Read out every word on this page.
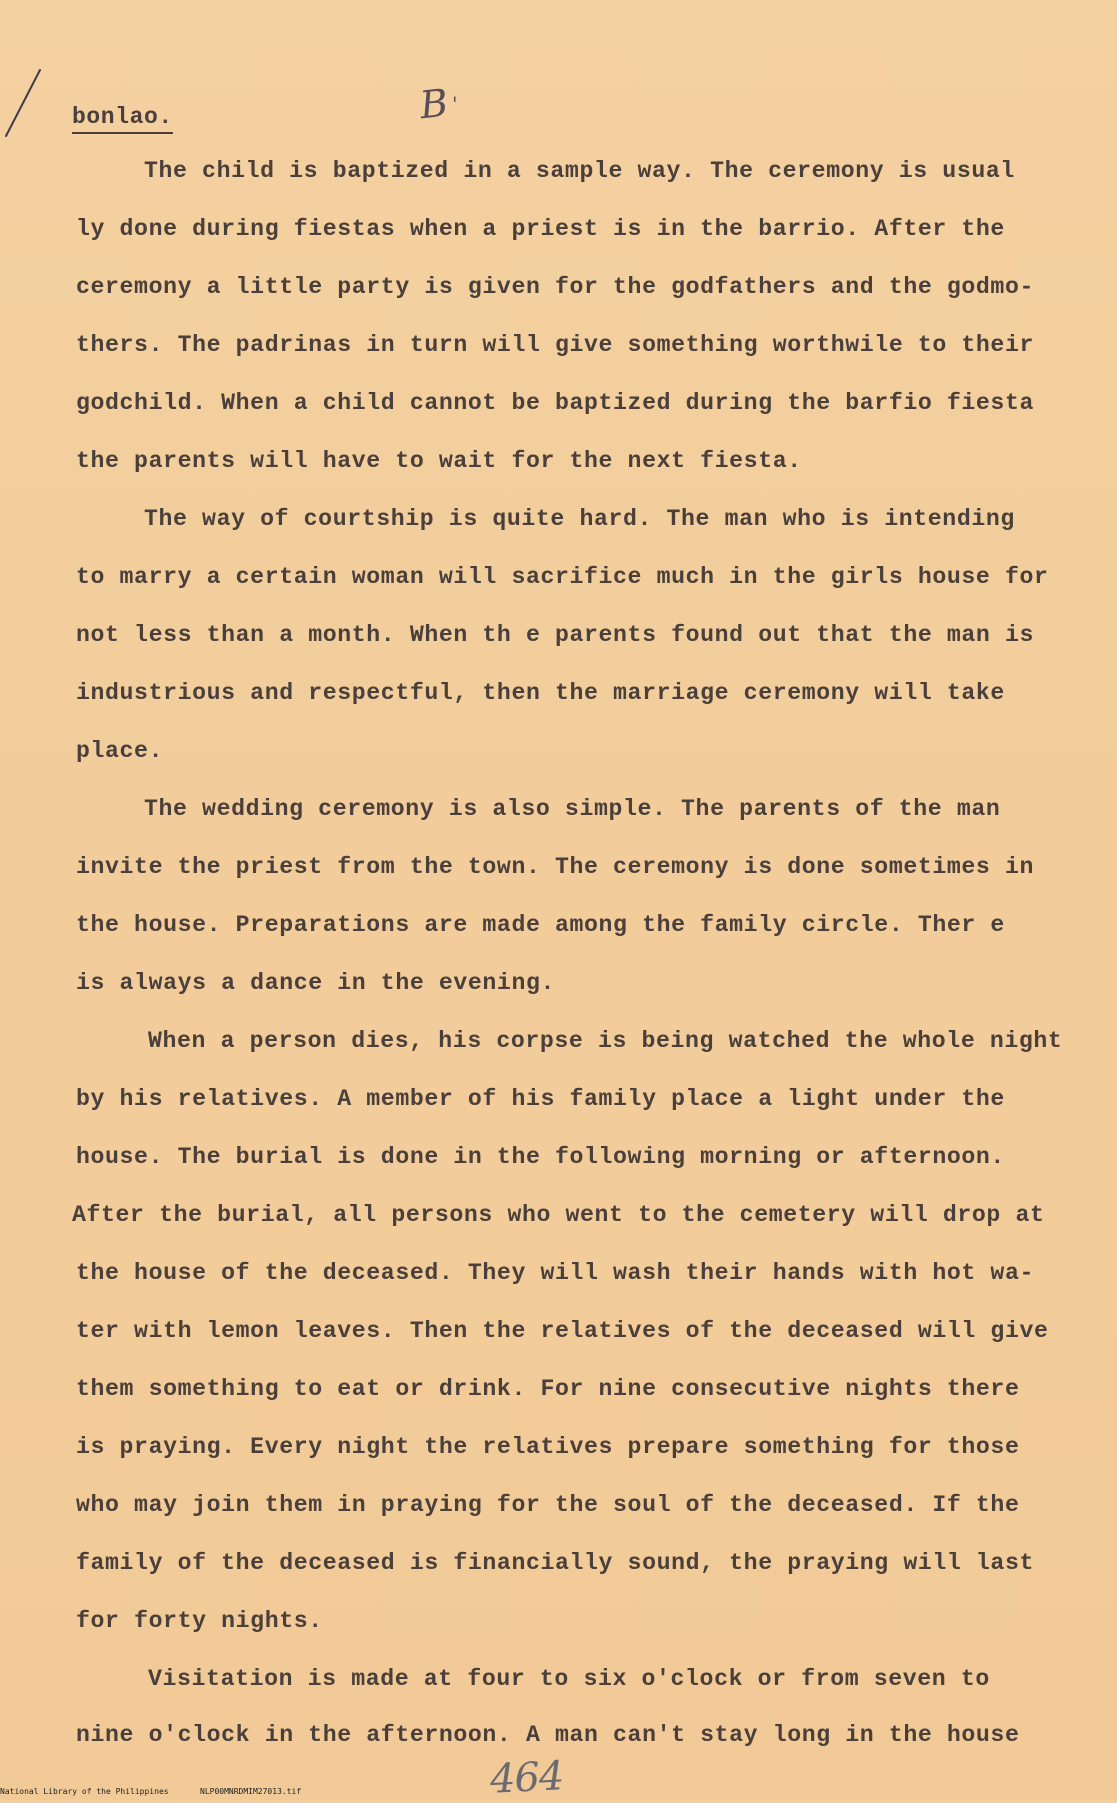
bonlao.	B '
The child is baptized in a sample way. The ceremony is usual
ly done during fiestas when a priest is in the barrio. After the
ceremony a little party is given for the godfathers and the godmo-
thers. The padrinas in turn will give something worthwile to their
godchild. When a child cannot be baptized during the barfio fiesta
the parents will have to wait for the next fiesta.
The way of courtship is quite hard. The man who is intending
to marry a certain woman will sacrifice much in the girls house for
not less than a month. When th e parents found out that the man is
industrious and respectful, then the marriage ceremony will take
place.
The wedding ceremony is also simple. The parents of the man
invite the priest from the town. The ceremony is done sometimes in
the house. Preparations are made among the family circle. Ther e
is always a dance in the evening.
When a person dies, his corpse is being watched the whole night
by his relatives. A member of his family place a light under the
house. The burial is done in the following morning or afternoon.
After the burial, all persons who went to the cemetery will drop at
the house of the deceased. They will wash their hands with hot wa-
ter with lemon leaves. Then the relatives of the deceased will give
them something to eat or drink. For nine consecutive nights there
is praying. Every night the relatives prepare something for those
who may join them in praying for the soul of the deceased. If the
family of the deceased is financially sound, the praying will last
for forty nights.
Visitation is made at four to six o'clock or from seven to
nine o'clock in the afternoon. A man can't stay long in the house
464
National Library of the Philippines	NLP00MNRDMIM27013.tif
